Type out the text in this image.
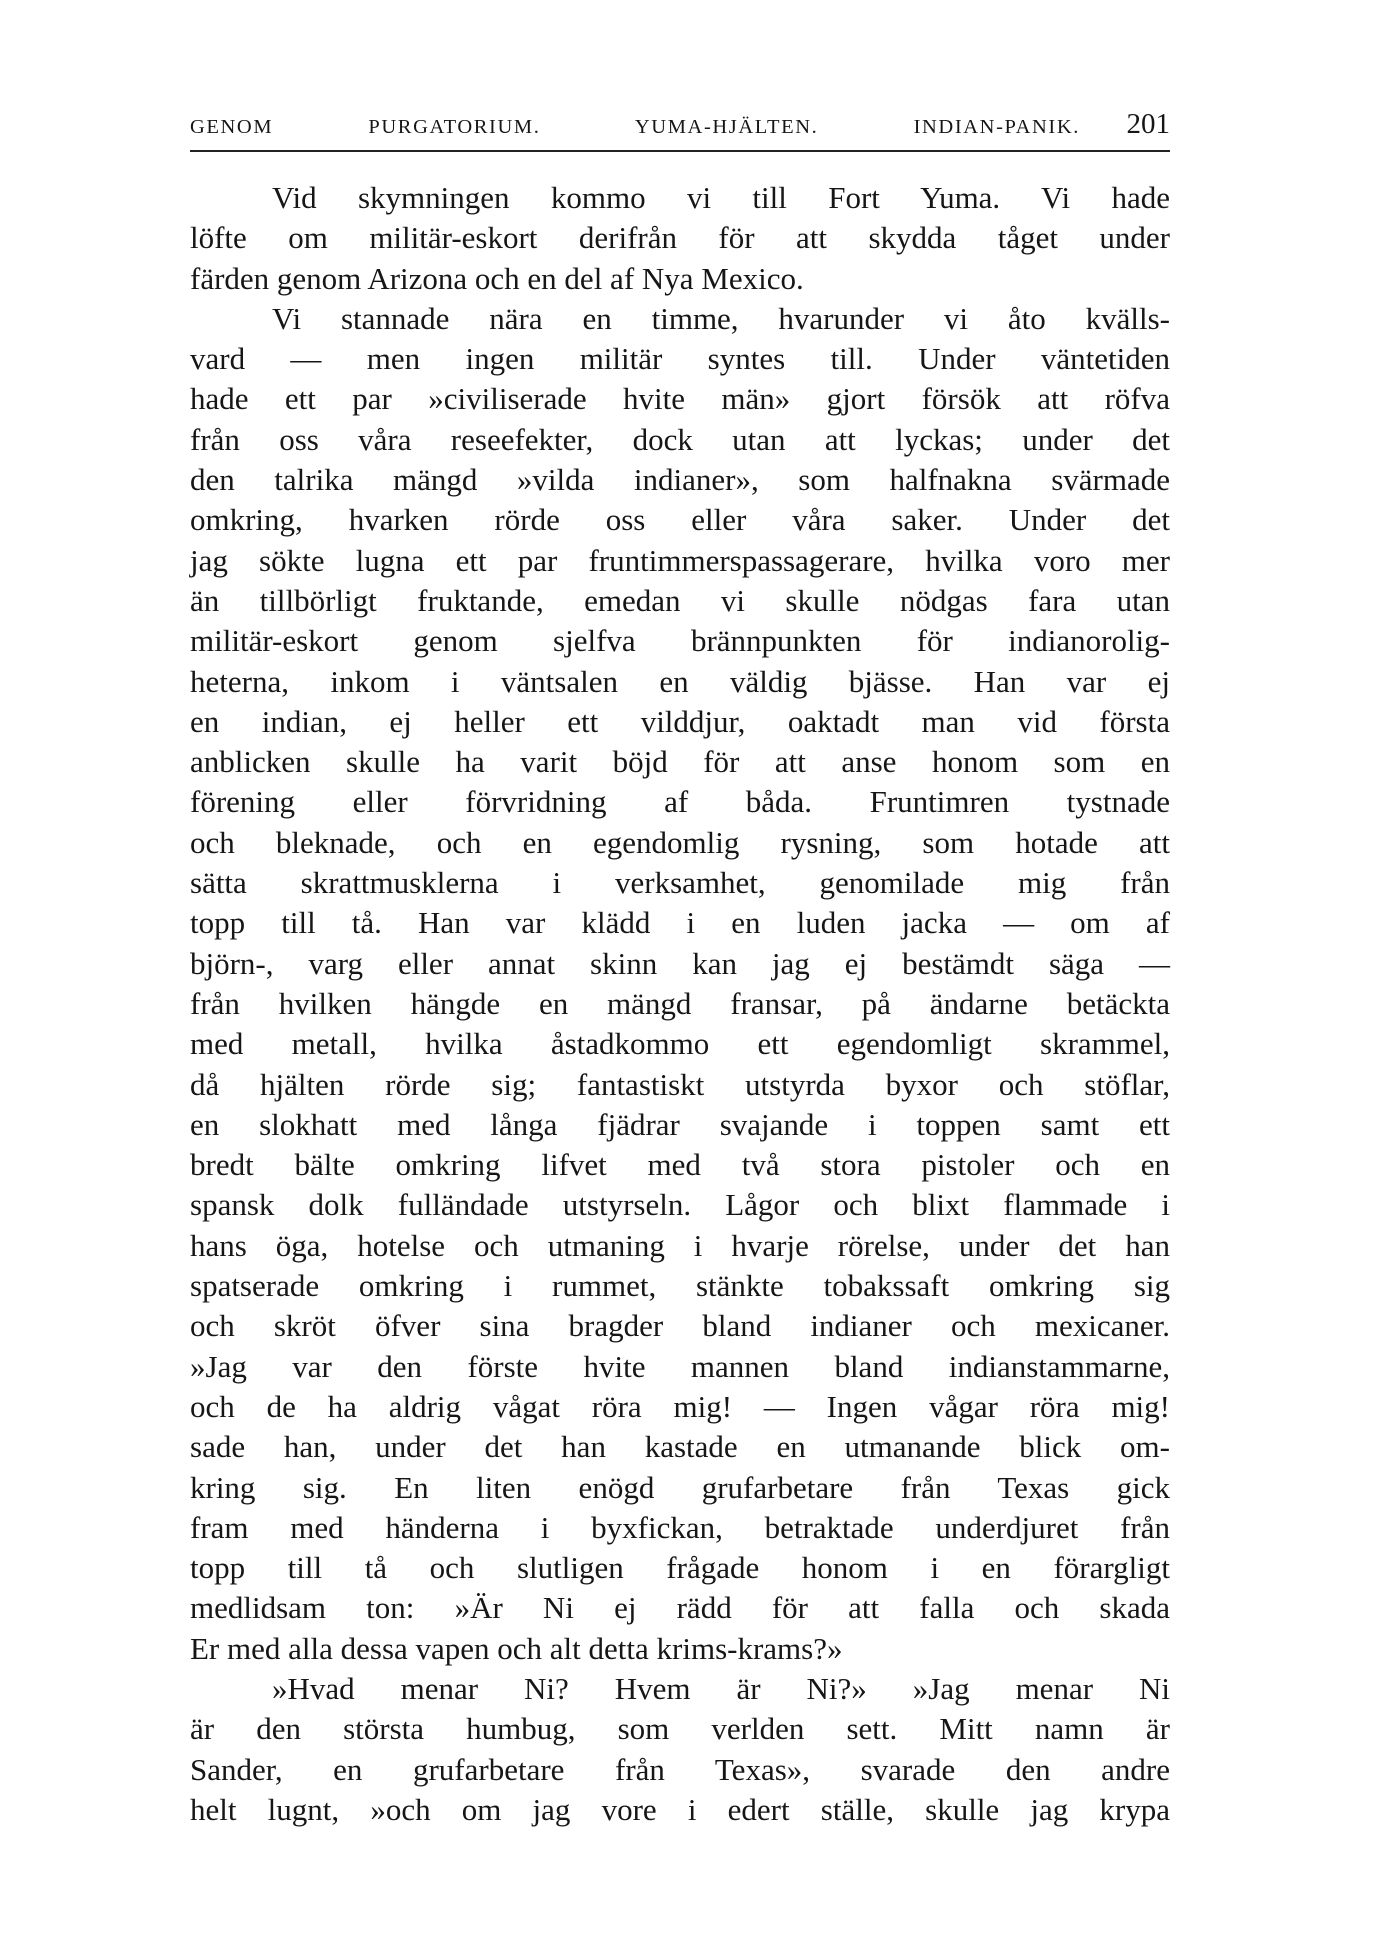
GENOM PURGATORIUM. YUMA-HJÄLTEN. INDIAN-PANIK. 201
Vid skymningen kommo vi till Fort Yuma. Vi hade
löfte om militär-eskort derifrån för att skydda tåget under
färden genom Arizona och en del af Nya Mexico.
Vi stannade nära en timme, hvarunder vi åto kvälls-
vard — men ingen militär syntes till. Under väntetiden
hade ett par »civiliserade hvite män» gjort försök att röfva
från oss våra reseefekter, dock utan att lyckas; under det
den talrika mängd »vilda indianer», som halfnakna svärmade
omkring, hvarken rörde oss eller våra saker. Under det
jag sökte lugna ett par fruntimmerspassagerare, hvilka voro mer
än tillbörligt fruktande, emedan vi skulle nödgas fara utan
militär-eskort genom sjelfva brännpunkten för indianorolig-
heterna, inkom i väntsalen en väldig bjässe. Han var ej
en indian, ej heller ett vilddjur, oaktadt man vid första
anblicken skulle ha varit böjd för att anse honom som en
förening eller förvridning af båda. Fruntimren tystnade
och bleknade, och en egendomlig rysning, som hotade att
sätta skrattmusklerna i verksamhet, genomilade mig från
topp till tå. Han var klädd i en luden jacka — om af
björn-, varg eller annat skinn kan jag ej bestämdt säga —
från hvilken hängde en mängd fransar, på ändarne betäckta
med metall, hvilka åstadkommo ett egendomligt skrammel,
då hjälten rörde sig; fantastiskt utstyrda byxor och stöflar,
en slokhatt med långa fjädrar svajande i toppen samt ett
bredt bälte omkring lifvet med två stora pistoler och en
spansk dolk fulländade utstyrseln. Lågor och blixt flammade i
hans öga, hotelse och utmaning i hvarje rörelse, under det han
spatserade omkring i rummet, stänkte tobakssaft omkring sig
och skröt öfver sina bragder bland indianer och mexicaner.
»Jag var den förste hvite mannen bland indianstammarne,
och de ha aldrig vågat röra mig! — Ingen vågar röra mig!
sade han, under det han kastade en utmanande blick om-
kring sig. En liten enögd grufarbetare från Texas gick
fram med händerna i byxfickan, betraktade underdjuret från
topp till tå och slutligen frågade honom i en förargligt
medlidsam ton: »Är Ni ej rädd för att falla och skada
Er med alla dessa vapen och alt detta krims-krams?»
»Hvad menar Ni? Hvem är Ni?» »Jag menar Ni
är den största humbug, som verlden sett. Mitt namn är
Sander, en grufarbetare från Texas», svarade den andre
helt lugnt, »och om jag vore i edert ställe, skulle jag krypa
